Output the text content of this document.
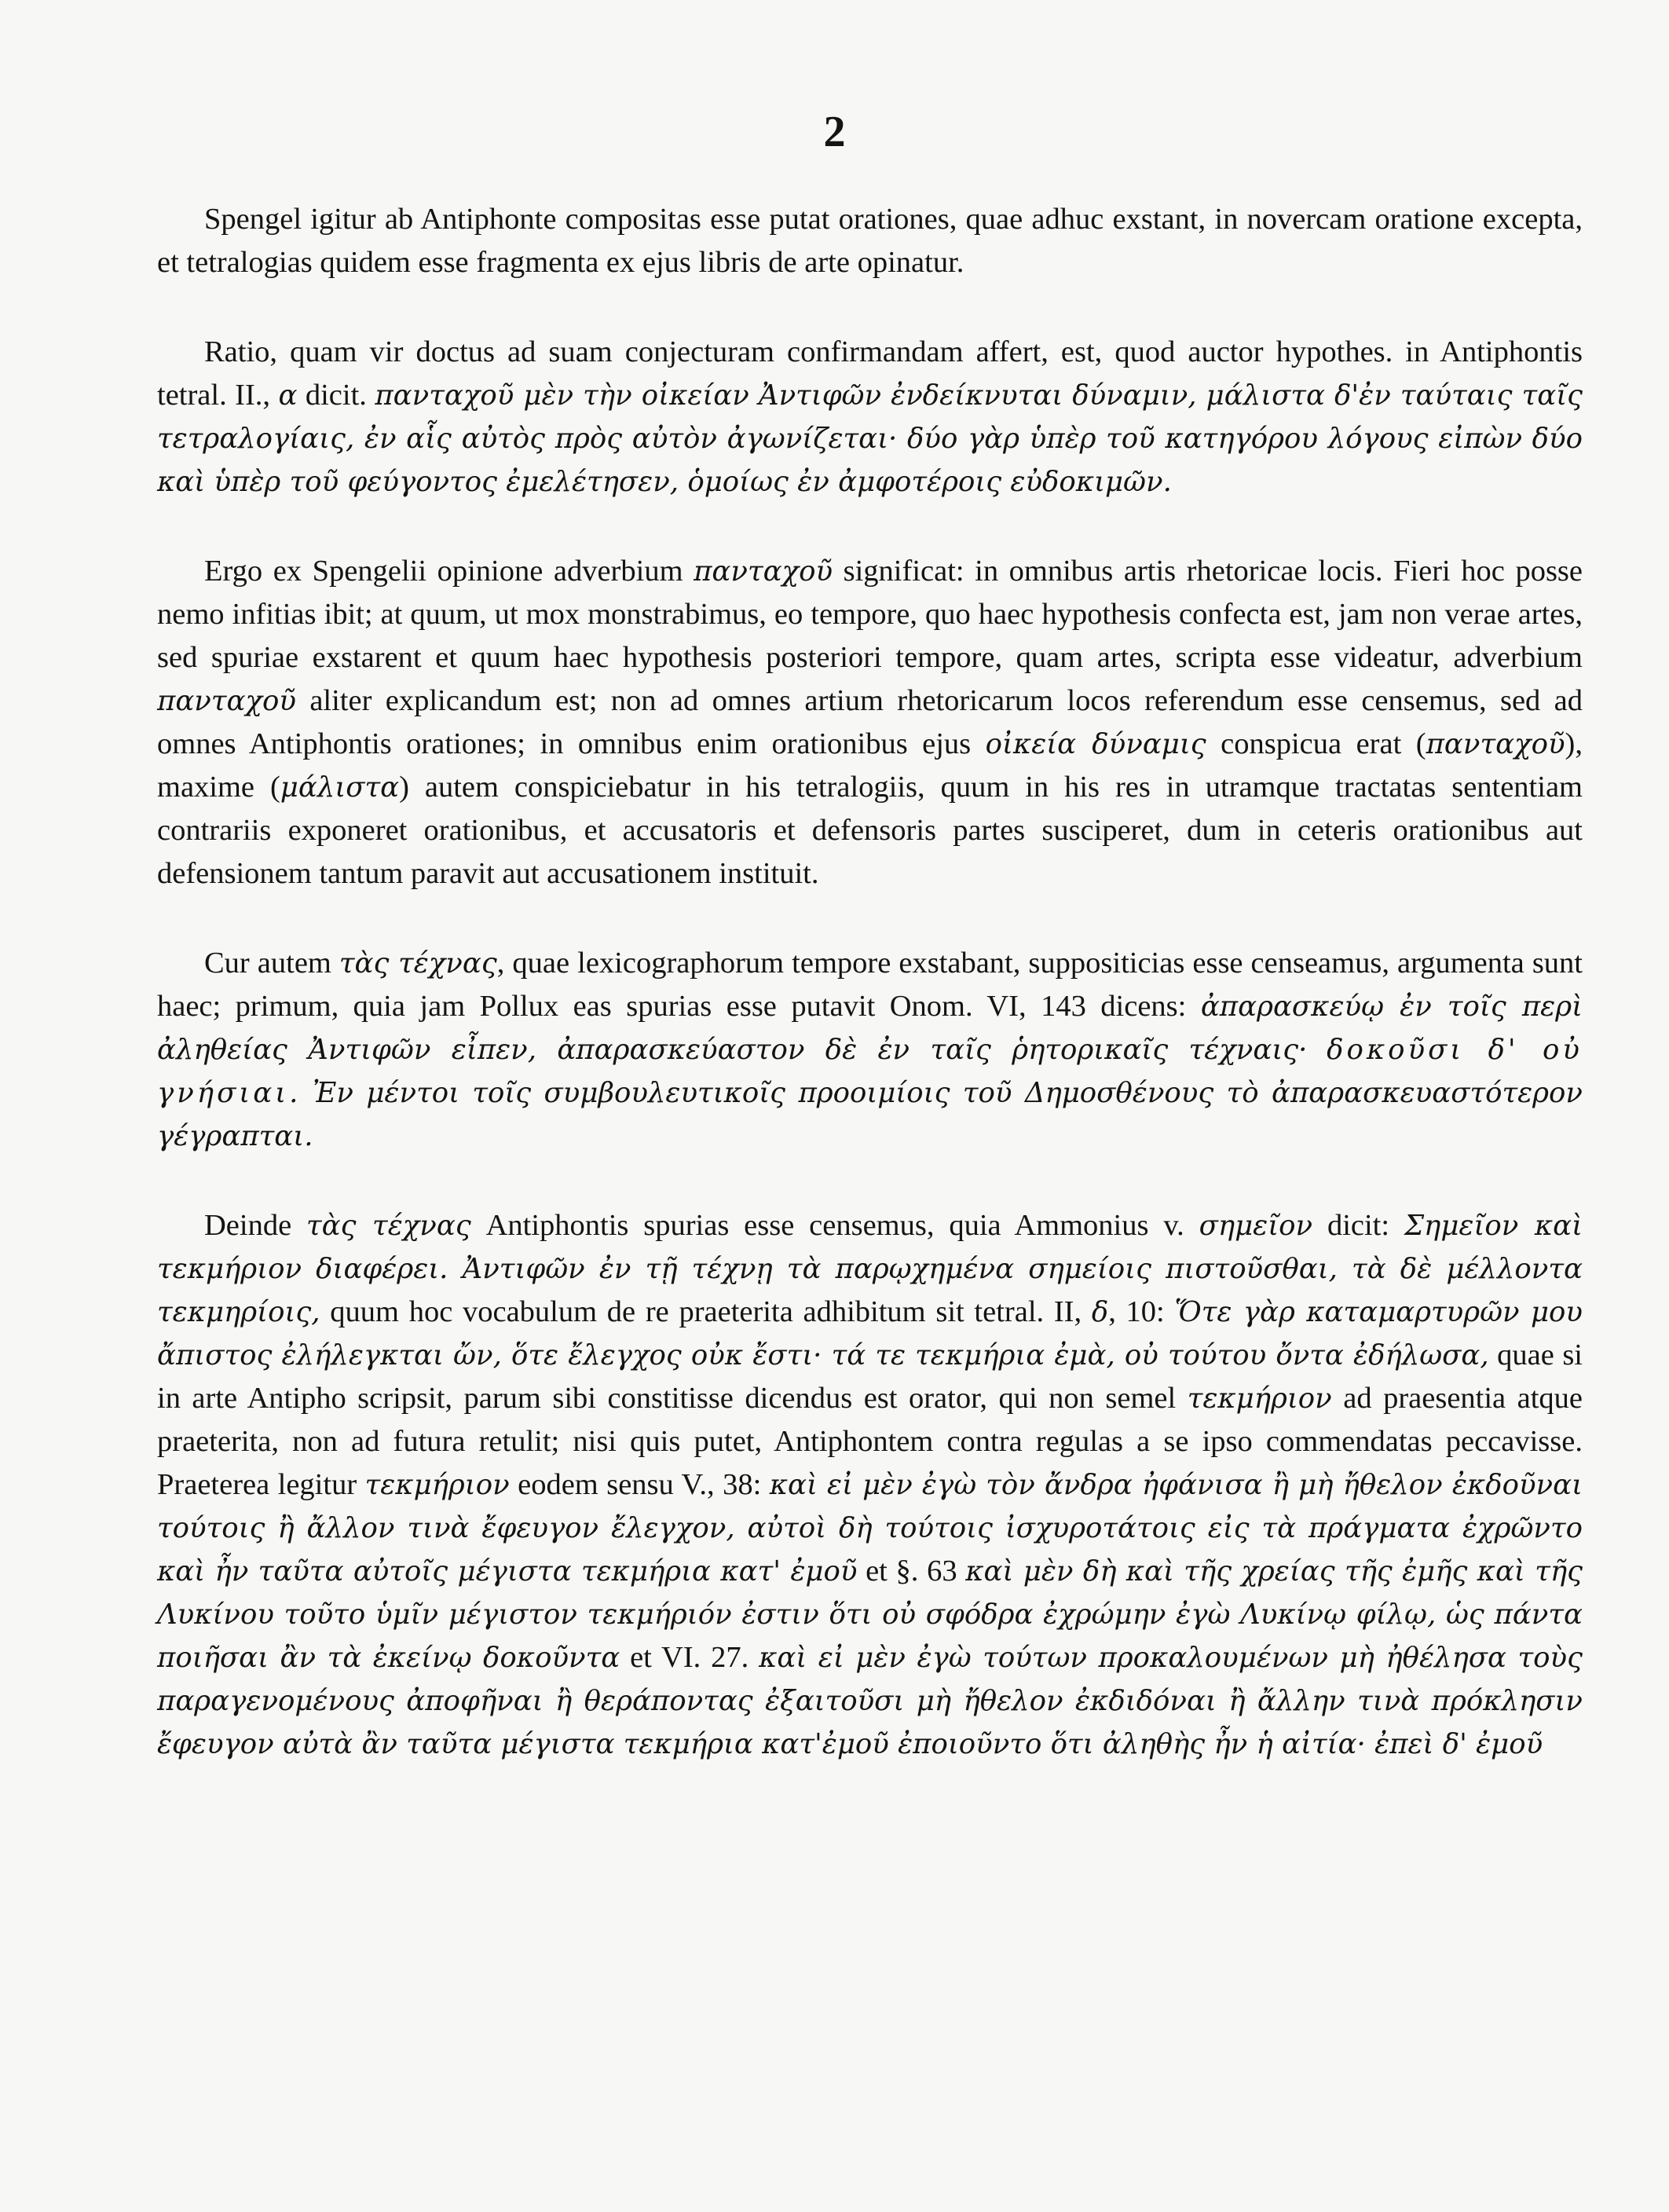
2

Spengel igitur ab Antiphonte compositas esse putat orationes, quae adhuc exstant, in novercam oratione excepta, et tetralogias quidem esse fragmenta ex ejus libris de arte opinatur.

Ratio, quam vir doctus ad suam conjecturam confirmandam affert, est, quod auctor hypothes. in Antiphontis tetral. II., α dicit. πανταχοῦ μὲν τὴν οἰκείαν Ἀντιφῶν ἐνδείκνυται δύναμιν, μάλιστα δ'ἐν ταύταις ταῖς τετραλογίαις, ἐν αἷς αὐτὸς πρὸς αὐτὸν ἀγωνίζεται· δύο γὰρ ὑπὲρ τοῦ κατηγόρου λόγους εἰπὼν δύο καὶ ὑπὲρ τοῦ φεύγοντος ἐμελέτησεν, ὁμοίως ἐν ἀμφοτέροις εὐδοκιμῶν.

Ergo ex Spengelii opinione adverbium πανταχοῦ significat: in omnibus artis rhetoricae locis. Fieri hoc posse nemo infitias ibit; at quum, ut mox monstrabimus, eo tempore, quo haec hypothesis confecta est, jam non verae artes, sed spuriae exstarent et quum haec hypothesis posteriori tempore, quam artes, scripta esse videatur, adverbium πανταχοῦ aliter explicandum est; non ad omnes artium rhetoricarum locos referendum esse censemus, sed ad omnes Antiphontis orationes; in omnibus enim orationibus ejus οἰκεία δύναμις conspicua erat (πανταχοῦ), maxime (μάλιστα) autem conspiciebatur in his tetralogiis, quum in his res in utramque tractatas sententiam contrariis exponeret orationibus, et accusatoris et defensoris partes susciperet, dum in ceteris orationibus aut defensionem tantum paravit aut accusationem instituit.

Cur autem τὰς τέχνας, quae lexicographorum tempore exstabant, suppositicias esse censeamus, argumenta sunt haec; primum, quia jam Pollux eas spurias esse putavit Onom. VI, 143 dicens: ἀπαρασκεύῳ ἐν τοῖς περὶ ἀληθείας Ἀντιφῶν εἶπεν, ἀπαρασκεύαστον δὲ ἐν ταῖς ῥητορικαῖς τέχναις· δοκοῦσι δ' οὐ γνήσιαι. Ἐν μέντοι τοῖς συμβουλευτικοῖς προοιμίοις τοῦ Δημοσθένους τὸ ἀπαρασκευαστότερον γέγραπται.

Deinde τὰς τέχνας Antiphontis spurias esse censemus, quia Ammonius v. σημεῖον dicit: Σημεῖον καὶ τεκμήριον διαφέρει. Ἀντιφῶν ἐν τῇ τέχνῃ τὰ παρῳχημένα σημείοις πιστοῦσθαι, τὰ δὲ μέλλοντα τεκμηρίοις, quum hoc vocabulum de re praeterita adhibitum sit tetral. II, δ, 10: Ὅτε γὰρ καταμαρτυρῶν μου ἄπιστος ἐλήλεγκται ὤν, ὅτε ἔλεγχος οὐκ ἔστι· τά τε τεκμήρια ἐμὰ, οὐ τούτου ὄντα ἐδήλωσα, quae si in arte Antipho scripsit, parum sibi constitisse dicendus est orator, qui non semel τεκμήριον ad praesentia atque praeterita, non ad futura retulit; nisi quis putet, Antiphontem contra regulas a se ipso commendatas peccavisse. Praeterea legitur τεκμήριον eodem sensu V., 38: καὶ εἰ μὲν ἐγὼ τὸν ἄνδρα ἠφάνισα ἢ μὴ ἤθελον ἐκδοῦναι τούτοις ἢ ἄλλον τινὰ ἔφευγον ἔλεγχον, αὐτοὶ δὴ τούτοις ἰσχυροτάτοις εἰς τὰ πράγματα ἐχρῶντο καὶ ἦν ταῦτα αὐτοῖς μέγιστα τεκμήρια κατ' ἐμοῦ et §. 63 καὶ μὲν δὴ καὶ τῆς χρείας τῆς ἐμῆς καὶ τῆς Λυκίνου τοῦτο ὑμῖν μέγιστον τεκμήριόν ἐστιν ὅτι οὐ σφόδρα ἐχρώμην ἐγὼ Λυκίνῳ φίλῳ, ὡς πάντα ποιῆσαι ἂν τὰ ἐκείνῳ δοκοῦντα et VI. 27. καὶ εἰ μὲν ἐγὼ τούτων προκαλουμένων μὴ ἠθέλησα τοὺς παραγενομένους ἀποφῆναι ἢ θεράποντας ἐξαιτοῦσι μὴ ἤθελον ἐκδιδόναι ἢ ἄλλην τινὰ πρόκλησιν ἔφευγον αὐτὰ ἂν ταῦτα μέγιστα τεκμήρια κατ'ἐμοῦ ἐποιοῦντο ὅτι ἀληθὴς ἦν ἡ αἰτία· ἐπεὶ δ' ἐμοῦ
